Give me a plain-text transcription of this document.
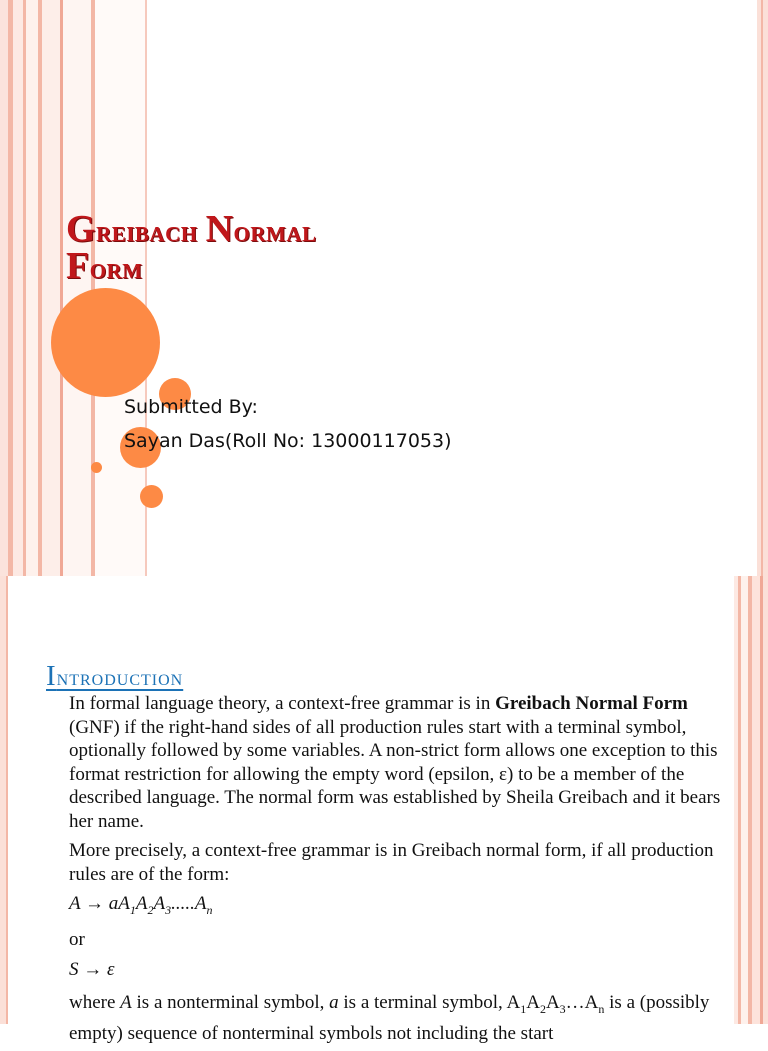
Greibach Normal
Form
Submitted By:
Sayan Das(Roll No: 13000117053)
Introduction

In formal language theory, a context-free grammar is in Greibach Normal Form (GNF) if the right-hand sides of all production rules start with a terminal symbol, optionally followed by some variables. A non-strict form allows one exception to this format restriction for allowing the empty word (epsilon, ε) to be a member of the described language. The normal form was established by Sheila Greibach and it bears her name.

More precisely, a context-free grammar is in Greibach normal form, if all production rules are of the form:

$A \to aA_1A_2A_3.....A_n$
or
S → ε

where A is a nonterminal symbol, a is a terminal symbol, $A_1A_2A_3\dots A_n$ is a (possibly empty) sequence of nonterminal symbols not including the start
